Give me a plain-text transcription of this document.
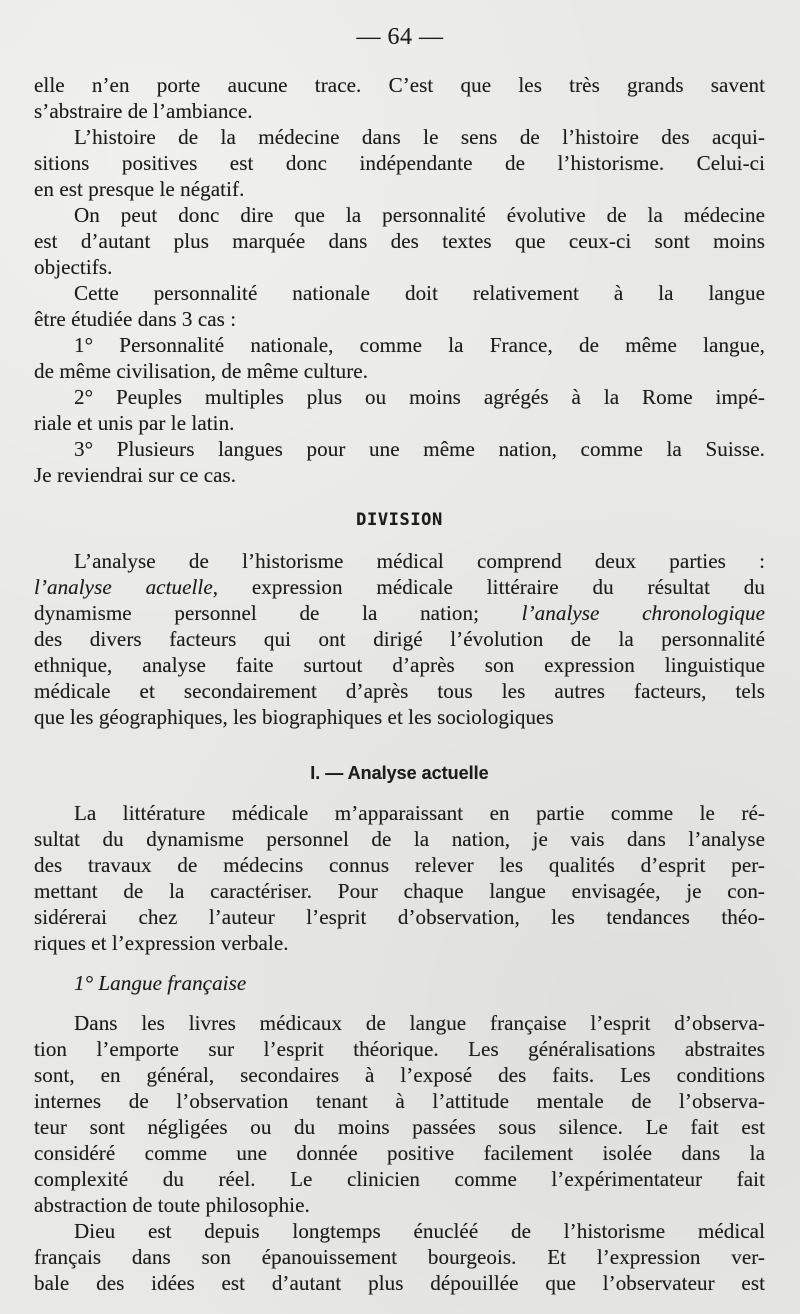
— 64 —
elle n’en porte aucune trace. C’est que les très grands savent
s’abstraire de l’ambiance.
L’histoire de la médecine dans le sens de l’histoire des acqui-
sitions positives est donc indépendante de l’historisme. Celui-ci
en est presque le négatif.
On peut donc dire que la personnalité évolutive de la médecine
est d’autant plus marquée dans des textes que ceux-ci sont moins
objectifs.
Cette personnalité nationale doit relativement à la langue
être étudiée dans 3 cas :
1° Personnalité nationale, comme la France, de même langue,
de même civilisation, de même culture.
2° Peuples multiples plus ou moins agrégés à la Rome impé-
riale et unis par le latin.
3° Plusieurs langues pour une même nation, comme la Suisse.
Je reviendrai sur ce cas.
DIVISION
L’analyse de l’historisme médical comprend deux parties :
l’analyse actuelle, expression médicale littéraire du résultat du
dynamisme personnel de la nation; l’analyse chronologique
des divers facteurs qui ont dirigé l’évolution de la personnalité
ethnique, analyse faite surtout d’après son expression linguistique
médicale et secondairement d’après tous les autres facteurs, tels
que les géographiques, les biographiques et les sociologiques
I. — Analyse actuelle
La littérature médicale m’apparaissant en partie comme le ré-
sultat du dynamisme personnel de la nation, je vais dans l’analyse
des travaux de médecins connus relever les qualités d’esprit per-
mettant de la caractériser. Pour chaque langue envisagée, je con-
sidérerai chez l’auteur l’esprit d’observation, les tendances théo-
riques et l’expression verbale.
1° Langue française
Dans les livres médicaux de langue française l’esprit d’observa-
tion l’emporte sur l’esprit théorique. Les généralisations abstraites
sont, en général, secondaires à l’exposé des faits. Les conditions
internes de l’observation tenant à l’attitude mentale de l’observa-
teur sont négligées ou du moins passées sous silence. Le fait est
considéré comme une donnée positive facilement isolée dans la
complexité du réel. Le clinicien comme l’expérimentateur fait
abstraction de toute philosophie.
Dieu est depuis longtemps énucléé de l’historisme médical
français dans son épanouissement bourgeois. Et l’expression ver-
bale des idées est d’autant plus dépouillée que l’observateur est
